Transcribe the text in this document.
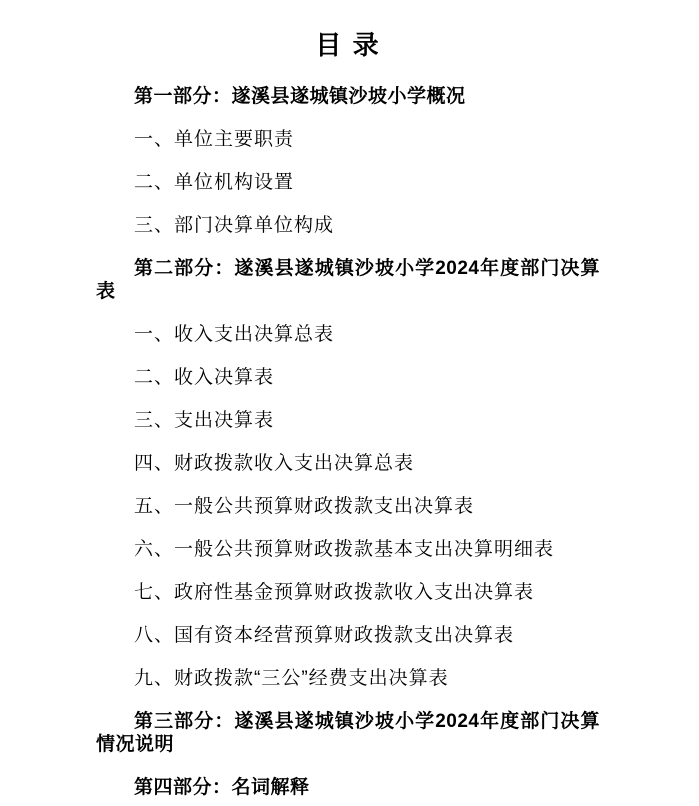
目 录

第一部分：遂溪县遂城镇沙坡小学概况

一、单位主要职责

二、单位机构设置

三、部门决算单位构成

第二部分：遂溪县遂城镇沙坡小学2024年度部门决算表

一、收入支出决算总表

二、收入决算表

三、支出决算表

四、财政拨款收入支出决算总表

五、一般公共预算财政拨款支出决算表

六、一般公共预算财政拨款基本支出决算明细表

七、政府性基金预算财政拨款收入支出决算表

八、国有资本经营预算财政拨款支出决算表

九、财政拨款“三公”经费支出决算表

第三部分：遂溪县遂城镇沙坡小学2024年度部门决算情况说明

第四部分：名词解释
